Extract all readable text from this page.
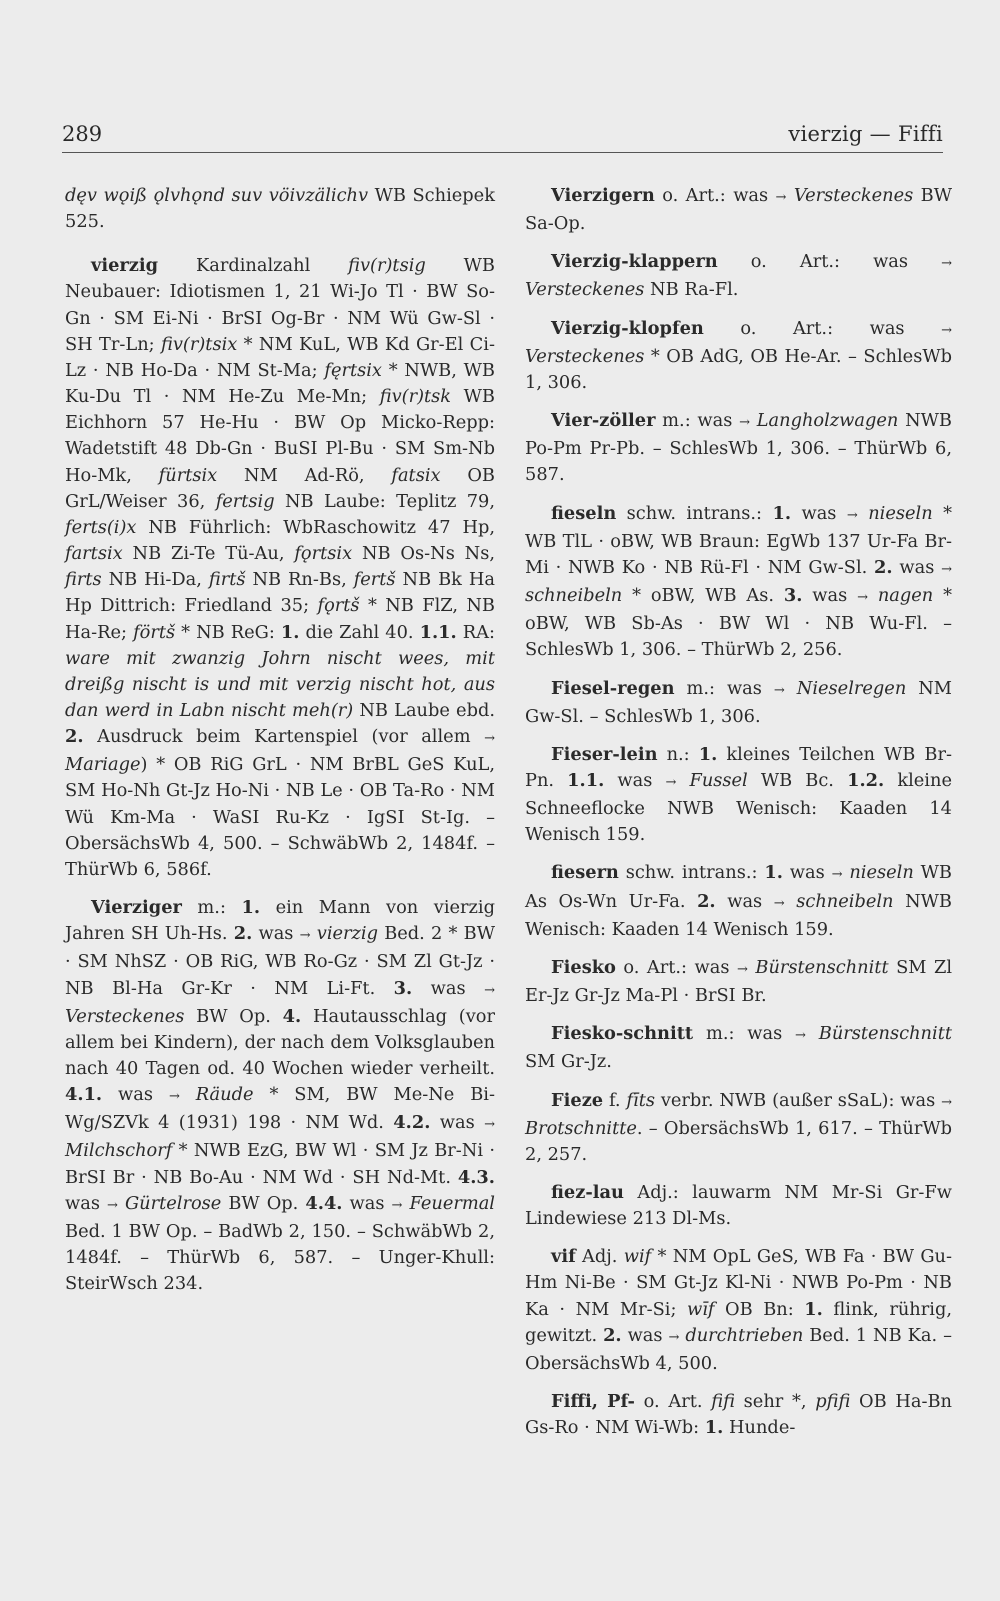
289	vierzig — Fiffi

dęv wǫiß ǫlvhǫnd suv vöivzälichv WB Schiepek 525.

vierzig Kardinalzahl fiv(r)tsig WB Neubauer: Idiotismen 1, 21 Wi-Jo Tl · BW So-Gn · SM Ei-Ni · BrSI Og-Br · NM Wü Gw-Sl · SH Tr-Ln; fiv(r)tsix * NM KuL, WB Kd Gr-El Ci-Lz · NB Ho-Da · NM St-Ma; fęrtsix * NWB, WB Ku-Du Tl · NM He-Zu Me-Mn; fiv(r)tsk WB Eichhorn 57 He-Hu · BW Op Micko-Repp: Wadetstift 48 Db-Gn · BuSI Pl-Bu · SM Sm-Nb Ho-Mk, fürtsix NM Ad-Rö, fatsix OB GrL/Weiser 36, fertsig NB Laube: Teplitz 79, ferts(i)x NB Führlich: WbRaschowitz 47 Hp, fartsix NB Zi-Te Tü-Au, fǫrtsix NB Os-Ns Ns, firts NB Hi-Da, firtš NB Rn-Bs, fertš NB Bk Ha Hp Dittrich: Friedland 35; fǫrtš * NB FlZ, NB Ha-Re; förtš * NB ReG: 1. die Zahl 40. 1.1. RA: ware mit zwanzig Johrn nischt wees, mit dreißg nischt is und mit verzig nischt hot, aus dan werd in Labn nischt meh(r) NB Laube ebd. 2. Ausdruck beim Kartenspiel (vor allem → Mariage) * OB RiG GrL · NM BrBL GeS KuL, SM Ho-Nh Gt-Jz Ho-Ni · NB Le · OB Ta-Ro · NM Wü Km-Ma · WaSI Ru-Kz · IgSI St-Ig. – ObersächsWb 4, 500. – SchwäbWb 2, 1484f. – ThürWb 6, 586f.

Vierziger m.: 1. ein Mann von vierzig Jahren SH Uh-Hs. 2. was → vierzig Bed. 2 * BW · SM NhSZ · OB RiG, WB Ro-Gz · SM Zl Gt-Jz · NB Bl-Ha Gr-Kr · NM Li-Ft. 3. was → Versteckenes BW Op. 4. Hautausschlag (vor allem bei Kindern), der nach dem Volksglauben nach 40 Tagen od. 40 Wochen wieder verheilt. 4.1. was → Räude * SM, BW Me-Ne Bi-Wg/SZVk 4 (1931) 198 · NM Wd. 4.2. was → Milchschorf * NWB EzG, BW Wl · SM Jz Br-Ni · BrSI Br · NB Bo-Au · NM Wd · SH Nd-Mt. 4.3. was → Gürtelrose BW Op. 4.4. was → Feuermal Bed. 1 BW Op. – BadWb 2, 150. – SchwäbWb 2, 1484f. – ThürWb 6, 587. – Unger-Khull: SteirWsch 234.

Vierzigern o. Art.: was → Versteckenes BW Sa-Op.

Vierzig-klappern o. Art.: was → Versteckenes NB Ra-Fl.

Vierzig-klopfen o. Art.: was → Versteckenes * OB AdG, OB He-Ar. – SchlesWb 1, 306.

Vier-zöller m.: was → Langholzwagen NWB Po-Pm Pr-Pb. – SchlesWb 1, 306. – ThürWb 6, 587.

fieseln schw. intrans.: 1. was → nieseln * WB TlL · oBW, WB Braun: EgWb 137 Ur-Fa Br-Mi · NWB Ko · NB Rü-Fl · NM Gw-Sl. 2. was → schneibeln * oBW, WB As. 3. was → nagen * oBW, WB Sb-As · BW Wl · NB Wu-Fl. – SchlesWb 1, 306. – ThürWb 2, 256.

Fiesel-regen m.: was → Nieselregen NM Gw-Sl. – SchlesWb 1, 306.

Fieser-lein n.: 1. kleines Teilchen WB Br-Pn. 1.1. was → Fussel WB Bc. 1.2. kleine Schneeflocke NWB Wenisch: Kaaden 14 Wenisch 159.

fiesern schw. intrans.: 1. was → nieseln WB As Os-Wn Ur-Fa. 2. was → schneibeln NWB Wenisch: Kaaden 14 Wenisch 159.

Fiesko o. Art.: was → Bürstenschnitt SM Zl Er-Jz Gr-Jz Ma-Pl · BrSI Br.

Fiesko-schnitt m.: was → Bürstenschnitt SM Gr-Jz.

Fieze f. fīts verbr. NWB (außer sSaL): was → Brotschnitte. – ObersächsWb 1, 617. – ThürWb 2, 257.

fiez-lau Adj.: lauwarm NM Mr-Si Gr-Fw Lindewiese 213 Dl-Ms.

vif Adj. wif * NM OpL GeS, WB Fa · BW Gu-Hm Ni-Be · SM Gt-Jz Kl-Ni · NWB Po-Pm · NB Ka · NM Mr-Si; wīf OB Bn: 1. flink, rührig, gewitzt. 2. was → durchtrieben Bed. 1 NB Ka. – ObersächsWb 4, 500.

Fiffi, Pf- o. Art. fifi sehr *, pfifi OB Ha-Bn Gs-Ro · NM Wi-Wb: 1. Hunde-
